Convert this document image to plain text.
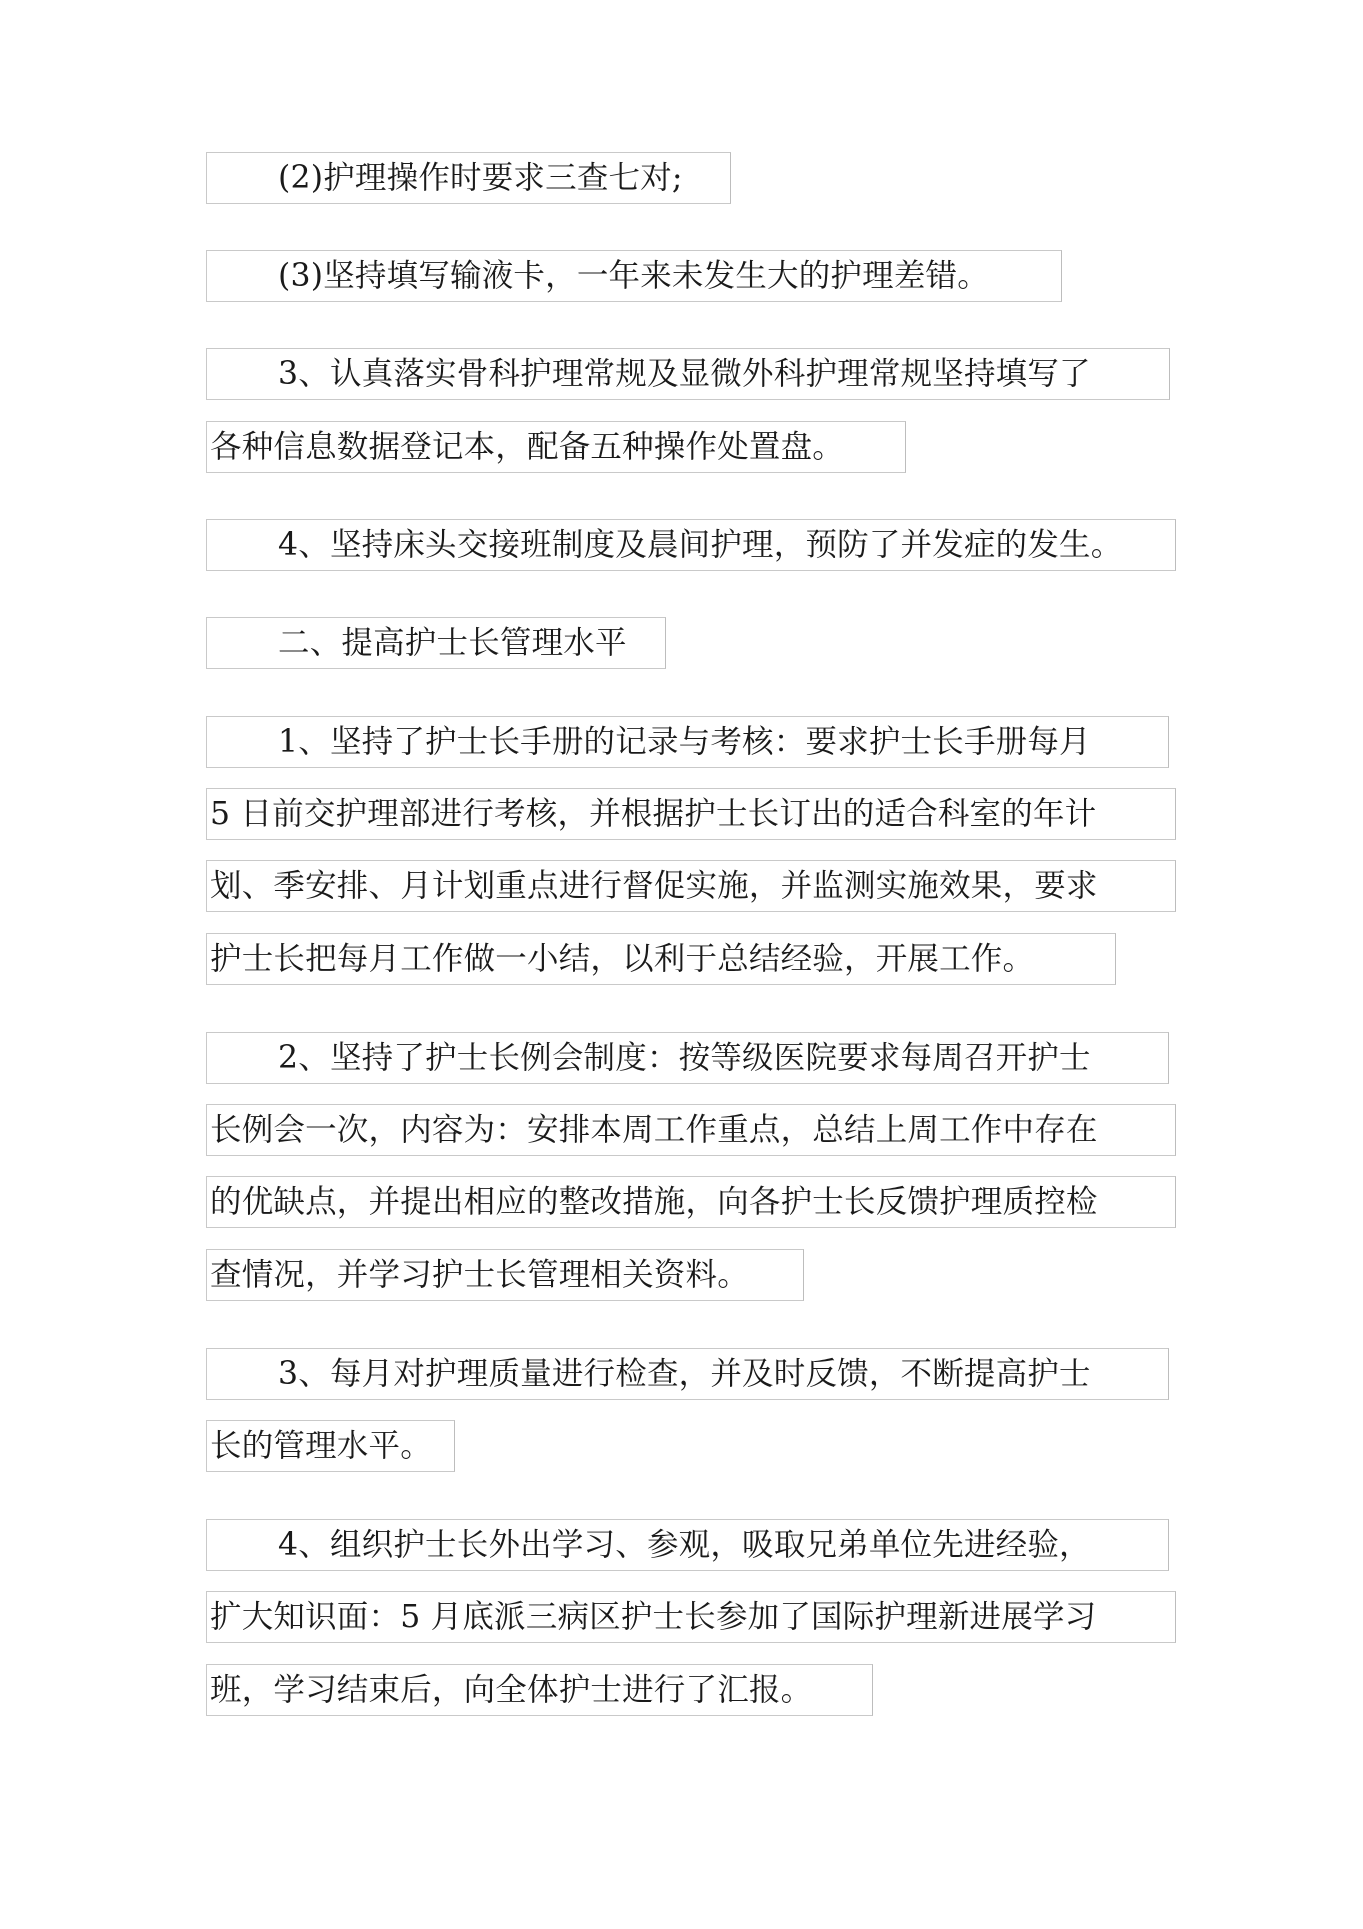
(2)护理操作时要求三查七对;
(3)坚持填写输液卡，一年来未发生大的护理差错。
3、认真落实骨科护理常规及显微外科护理常规坚持填写了
各种信息数据登记本，配备五种操作处置盘。
4、坚持床头交接班制度及晨间护理，预防了并发症的发生。
二、提高护士长管理水平
1、坚持了护士长手册的记录与考核：要求护士长手册每月
5 日前交护理部进行考核，并根据护士长订出的适合科室的年计
划、季安排、月计划重点进行督促实施，并监测实施效果，要求
护士长把每月工作做一小结，以利于总结经验，开展工作。
2、坚持了护士长例会制度：按等级医院要求每周召开护士
长例会一次，内容为：安排本周工作重点，总结上周工作中存在
的优缺点，并提出相应的整改措施，向各护士长反馈护理质控检
查情况，并学习护士长管理相关资料。
3、每月对护理质量进行检查，并及时反馈，不断提高护士
长的管理水平。
4、组织护士长外出学习、参观，吸取兄弟单位先进经验，
扩大知识面：5 月底派三病区护士长参加了国际护理新进展学习
班，学习结束后，向全体护士进行了汇报。
